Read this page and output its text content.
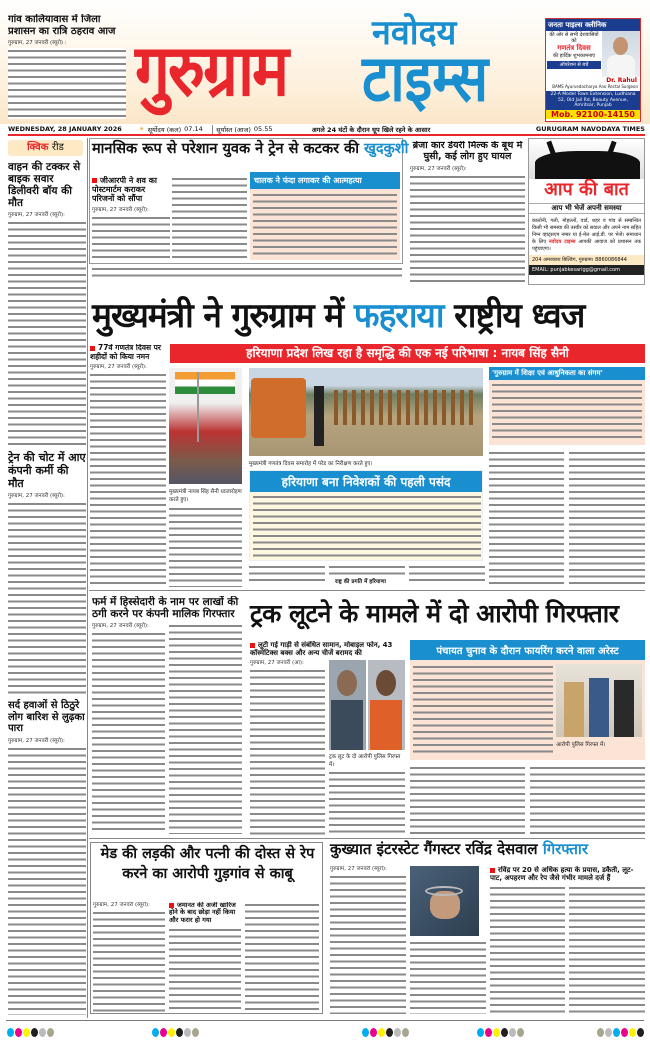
गांव कालियावास में जिला प्रशासन का रात्रि ठहराव आज
गुरुग्राम, 27 जनवरी (ब्यूरो) :	गुरुग्राम नवोदय
टाइम्स
जनता पाइल्स क्लीनिक
की ओर से सभी देशवासियों को
गणतंत्र दिवस
की हार्दिक शुभकामनाएं
ऑपरेशन से बचें
Dr. Rahul
BAMS Ayurvedacharya Ano Rectal Surgeon
22-A Model Town Extension, Ludhiana
52, Old Jail Rd, Beauty Avenue, Amritsar, Punjab
Mob. 92100-14150
WEDNESDAY, 28 JANUARY 2026	☀ सूर्योदय (कल) 07.14	सूर्यास्त (आज) 05.55	अगले 24 घंटों के दौरान धूप खिले रहने के आसार	GURUGRAM NAVODAYA TIMES
क्विक रीड
वाहन की टक्कर से बाइक सवार डिलीवरी बॉय की मौत
गुरुग्राम, 27 जनवरी (ब्यूरो):
ट्रेन की चोट में आए कंपनी कर्मी की मौत
गुरुग्राम, 27 जनवरी (ब्यूरो):
सर्द हवाओं से ठिठुरे लोग बारिश से लुढ़का पारा
गुरुग्राम, 27 जनवरी (ब्यूरो):
मानसिक रूप से परेशान युवक ने ट्रेन से कटकर की खुदकुशी
जीआरपी ने शव का पोस्टमार्टम कराकर परिजनों को सौंपा
गुरुग्राम, 27 जनवरी (ब्यूरो):
चालक ने फंदा लगाकर की आत्महत्या
ब्रेजा कार डेयरी मिल्क के बूथ में घुसी, कई लोग हुए घायल
गुरुग्राम, 27 जनवरी (ब्यूरो):
आप की बात
आप भी भेजें अपनी समस्या
कालोनी, गली, मोहल्लों, वार्ड, शहर व गांव से सम्बन्धित किसी भी समस्या की तस्वीर को सवाल और अपने नाम सहित निम्न व्हाट्सएप नम्बर या ई-मेल आई.डी. पर भेजें। समाधान के लिए नवोदय टाइम्स आपकी आवाज को प्रशासन तक पहुंचाएगा।
204 अमरकाश बिल्डिंग, गुरुग्राम। 8860086844
EMAIL: punjabkesarigg@gmail.com
मुख्यमंत्री ने गुरुग्राम में फहराया राष्ट्रीय ध्वज
हरियाणा प्रदेश लिख रहा है समृद्धि की एक नई परिभाषा : नायब सिंह सैनी
77वें गणतंत्र दिवस पर शहीदों को किया नमन
गुरुग्राम, 27 जनवरी (ब्यूरो):
मुख्यमंत्री नायब सिंह सैनी ध्वजारोहण करते हुए।
मुख्यमंत्री गणतंत्र दिवस समारोह में परेड का निरीक्षण करते हुए।
'गुरुग्राम में शिक्षा एवं आधुनिकता का संगम'
हरियाणा बना निवेशकों की पहली पसंद
राष्ट्र की प्रगति में हरियाणा
फर्म में हिस्सेदारी के नाम पर लाखों की ठगी करने पर कंपनी मालिक गिरफ्तार
गुरुग्राम, 27 जनवरी (ब्यूरो):	ट्रक लूटने के मामले में दो आरोपी गिरफ्तार
लूटी गई गाड़ी से संबंधित सामान, मोबाइल फोन, 43 कॉस्मेटिक्स बक्स और अन्य चीजें बरामद की
गुरुग्राम, 27 जनवरी (आ):
ट्रक लूट के दो आरोपी पुलिस गिरफ्त में।
पंचायत चुनाव के दौरान फायरिंग करने वाला अरेस्ट
आरोपी पुलिस गिरफ्त में।
मेड की लड़की और पत्नी की दोस्त से रेप करने का आरोपी गुड़गांव से काबू
गुरुग्राम, 27 जनवरी (ब्यूरो):	जमानत की अर्जी खारिज होने के बाद छोड़ा नहीं किया और फरार हो गया
कुख्यात इंटरस्टेट गैंगस्टर रविंद्र देसवाल गिरफ्तार
गुरुग्राम, 27 जनवरी (ब्यूरो):	रविंद्र पर 20 से अधिक हत्या के प्रयास, डकैती, लूट-पाट, अपहरण और रेप जैसे गंभीर मामले दर्ज हैं
